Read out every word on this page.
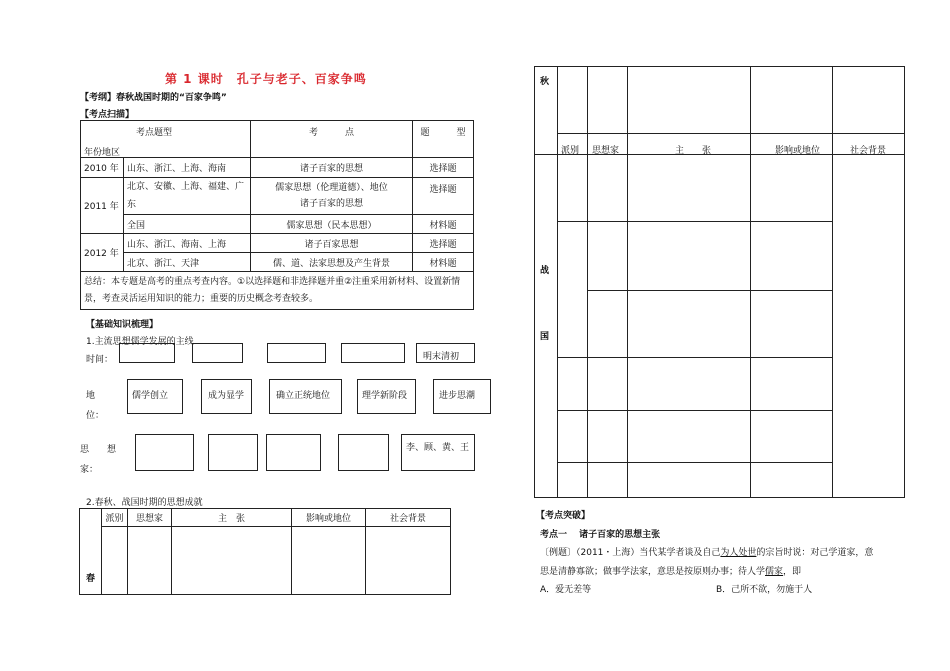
第 1 课时　孔子与老子、百家争鸣
【考纲】春秋战国时期的“百家争鸣”
【考点扫描】
考点题型
年份地区		考　　　点	题　　　型
2010 年	山东、浙江、上海、海南	诸子百家的思想	选择题
2011 年	北京、安徽、上海、福建、广东	儒家思想（伦理道德）、地位
诸子百家的思想	选择题
	全国	儒家思想（民本思想）	材料题
2012 年	山东、浙江、海南、上海	诸子百家思想	选择题
	北京、浙江、天津	儒、道、法家思想及产生背景	材料题
总结：本专题是高考的重点考查内容。①以选择题和非选择题并重②注重采用新材料、设置新情景，考查灵活运用知识的能力；重要的历史概念考查较多。			
【基础知识梳理】
1.主流思想儒学发展的主线
时间：	明末清初
地
位：
儒学创立	成为显学	确立正统地位	理学新阶段	进步思潮
思　　想
家：
李、顾、黄、王
2.春秋、战国时期的思想成就
春	派别	思想家	主　张	影响或地位	社会背景

派别 思想家	主　　张	影响或地位	社会背景
秋
战
国
【考点突破】
考点一　 诸子百家的思想主张
〔例题〕（2011・上海）当代某学者谈及自己为人处世的宗旨时说：对己学道家，意
思是清静寡欲；做事学法家，意思是按原则办事；待人学儒家，即
A．爱无差等	B．己所不欲，勿施于人
